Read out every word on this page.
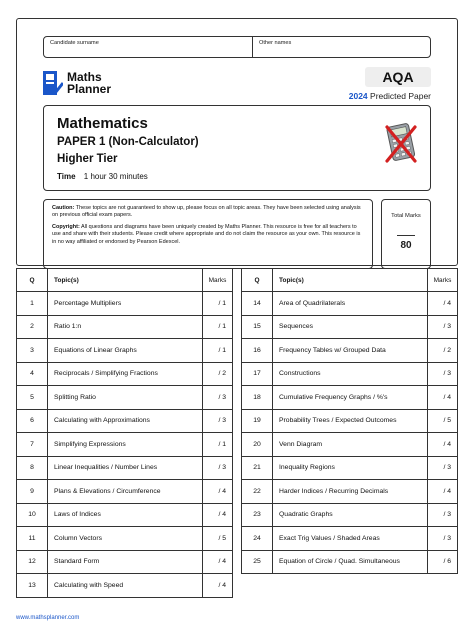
Candidate surname	Other names
Maths
Planner
AQA
2024 Predicted Paper
Mathematics
PAPER 1 (Non-Calculator)
Higher Tier
Time 1 hour 30 minutes

Caution: These topics are not guaranteed to show up, please focus on all topic areas. They have been selected using analysis on previous official exam papers.

Copyright: All questions and diagrams have been uniquely created by Maths Planner. This resource is free for all teachers to use and share with their students. Please credit where appropriate and do not claim the resource as your own. This resource is in no way affiliated or endorsed by Pearson Edexcel.

Total Marks
80
Q	Topic(s)	Marks
1	Percentage Multipliers	/ 1
2	Ratio 1:n	/ 1
3	Equations of Linear Graphs	/ 1
4	Reciprocals / Simplifying Fractions	/ 2
5	Splitting Ratio	/ 3
6	Calculating with Approximations	/ 3
7	Simplifying Expressions	/ 1
8	Linear Inequalities / Number Lines	/ 3
9	Plans & Elevations / Circumference	/ 4
10	Laws of Indices	/ 4
11	Column Vectors	/ 5
12	Standard Form	/ 4
13	Calculating with Speed	/ 4
Q	Topic(s)	Marks
14	Area of Quadrilaterals	/ 4
15	Sequences	/ 3
16	Frequency Tables w/ Grouped Data	/ 2
17	Constructions	/ 3
18	Cumulative Frequency Graphs / %'s	/ 4
19	Probability Trees / Expected Outcomes	/ 5
20	Venn Diagram	/ 4
21	Inequality Regions	/ 3
22	Harder Indices / Recurring Decimals	/ 4
23	Quadratic Graphs	/ 3
24	Exact Trig Values / Shaded Areas	/ 3
25	Equation of Circle / Quad. Simultaneous	/ 6
www.mathsplanner.com
